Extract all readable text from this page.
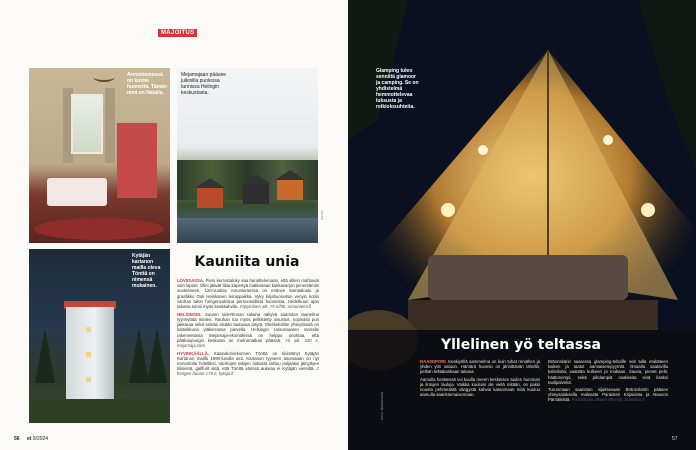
MAJOITUS
Armoniemessä on kolme huonetta. Tämän nimi on Natalia.
Mejamajaan pääsee julkisilla puolessa tunnissa Helingin keskustasta.
KUVAT:
Kytäjän kartanon mailla oleva Tönttä on nimensä mukainen.
Kauniita unia

LOVIISASSA. Pieni kerrostaloky saa haroittelemaan, että sillein mahtuvat vain lapset. Ollei jäävät tilaa käpertyä makkaraan kukkavarjon pimentämiin vuoteeseen. 120-vuotias Amoniemessa on entinen kamaaloulu ja graafikko Outi Heiskanen lemippaikka. Vyky kirjahuoneiton venyin kotiin vanhan talon hengenvuksina persoonallista huoneista. Hedelkuun ajan talossa toimii myös kesäkahvila. Yöpyminen alk. 75 e/hlö, armoniemi.fi

HELSINGIN. Suuren laiä-Rinnan takana näkyvä saariston taunelma tyynnyttää mielen. Rauhan tuo myös pelkistetty sisustus, sopivasti puri jakkaraa sekä seinäs sisään tautuvaa pöytä. Oleskelutilan yhteydessä on kattoikkuna yläkerrassa parvella. Helsingin Uusossaaren rannalle rakennetussa Mejamaja-ekomökissä on helppo unohtaa, että pääkaupungin keskusta on metromatkan päässä. Yö alk. 330 e, mejamaja.com

HYVINKÄÄLLÄ. Kaasukorvekunnen Tönttä on tiivistänyt Kytäjän Kartanon mailla 1990-luvulla asti. Kartanon tyyneen asumaaan on nyt remontoitu hotelliksi. Vanhojen talojen tiukasta laittuu puljaaksi jäinyttyen tiiliseinä, gallfurit siitä, että Tönttä värissä aukeaa ei Kytäjän viereiltä. 2 hengen huone 179 e, kytaja.fi

56 et 9/2024
Glamping tuleo senniitä glamoor ja camping. Se on yhdistelmä hemmottelevaa luksusta ja retkiolosuhteita.
Yllelinen yö teltassa

RAASEPORI. Keskiyöllä sammelma on kuin tuhat reniähen ja yhden yön satuun. Hämärä huomio on jännittävän lähellä, pelkän telttakankaan takana.

Aamulla herätessä voi kuulla meren keskeisen tuulen huminan ja lintujen lauluja. Vaikka kuuluisi ole vielä mitään, on pakki nousta pehmeästä sängystä kahvia katsomaan mitä kuuluu aamulla saaristomaisemaan.

Brännskärin saaressa glamping-teltoille voit tulla etukäteen kaiken ja taatut aamiaisempyymät. Ilmaalla saatavilla kahviloita, vaatetta kulkeen ja mukaan. Sauna, pienet pelit, häätonempi, sekä pihdampiä osakkeita sinä lisäksi taolipalvelut.

Turunmaan saariston sijaitsevaan Brännskärin pääsee yhteysaluksella maksutta Paraisten Kirjaisista ja Nauvon Pärnäisistä. Paritelttayö alkaen 99 e/yö, branskar.fi

KUVA: BRÄNNSKÄR
57
